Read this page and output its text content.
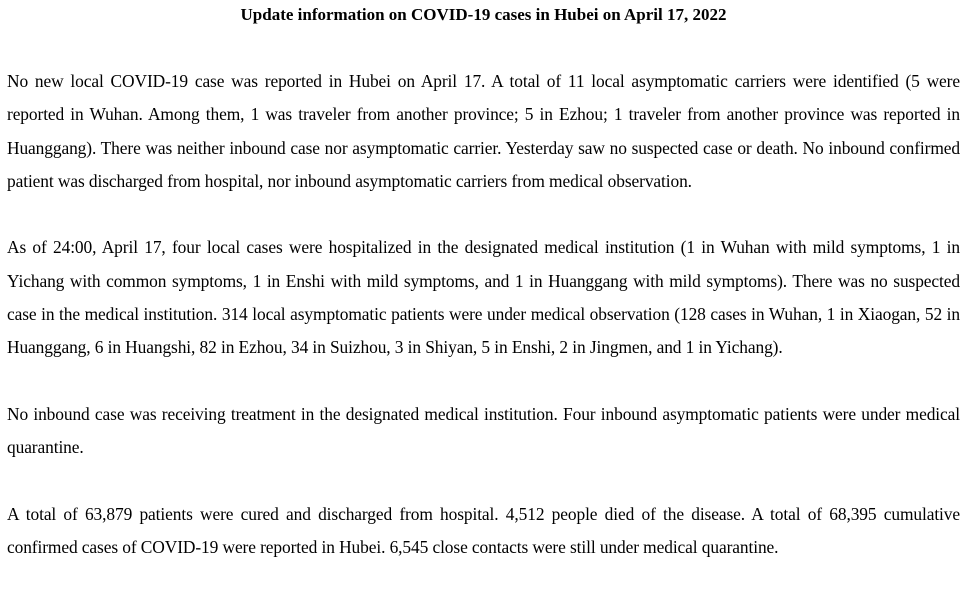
Update information on COVID-19 cases in Hubei on April 17, 2022

No new local COVID-19 case was reported in Hubei on April 17. A total of 11 local asymptomatic carriers were identified (5 were reported in Wuhan. Among them, 1 was traveler from another province; 5 in Ezhou; 1 traveler from another province was reported in Huanggang). There was neither inbound case nor asymptomatic carrier. Yesterday saw no suspected case or death. No inbound confirmed patient was discharged from hospital, nor inbound asymptomatic carriers from medical observation.

As of 24:00, April 17, four local cases were hospitalized in the designated medical institution (1 in Wuhan with mild symptoms, 1 in Yichang with common symptoms, 1 in Enshi with mild symptoms, and 1 in Huanggang with mild symptoms). There was no suspected case in the medical institution. 314 local asymptomatic patients were under medical observation (128 cases in Wuhan, 1 in Xiaogan, 52 in Huanggang, 6 in Huangshi, 82 in Ezhou, 34 in Suizhou, 3 in Shiyan, 5 in Enshi, 2 in Jingmen, and 1 in Yichang).

No inbound case was receiving treatment in the designated medical institution. Four inbound asymptomatic patients were under medical quarantine.

A total of 63,879 patients were cured and discharged from hospital. 4,512 people died of the disease. A total of 68,395 cumulative confirmed cases of COVID-19 were reported in Hubei. 6,545 close contacts were still under medical quarantine.
